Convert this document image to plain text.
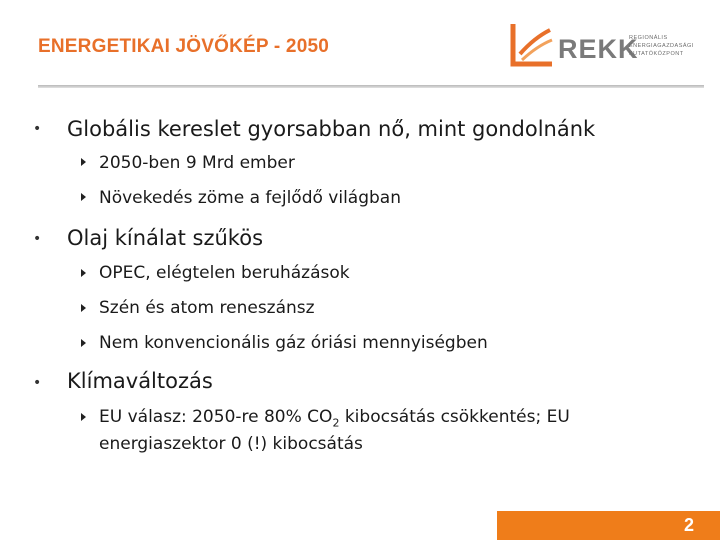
ENERGETIKAI JÖVŐKÉP - 2050	REKK
REGIONÁLIS
ENERGIAGAZDASÁGI
KUTATÓKÖZPONT
• Globális kereslet gyorsabban nő, mint gondolnánk
2050-ben 9 Mrd ember
Növekedés zöme a fejlődő világban
• Olaj kínálat szűkös
OPEC, elégtelen beruházások
Szén és atom reneszánsz
Nem konvencionális gáz óriási mennyiségben
• Klímaváltozás
EU válasz: 2050-re 80% $CO_2$ kibocsátás csökkentés; EU
energiaszektor 0 (!) kibocsátás
2
